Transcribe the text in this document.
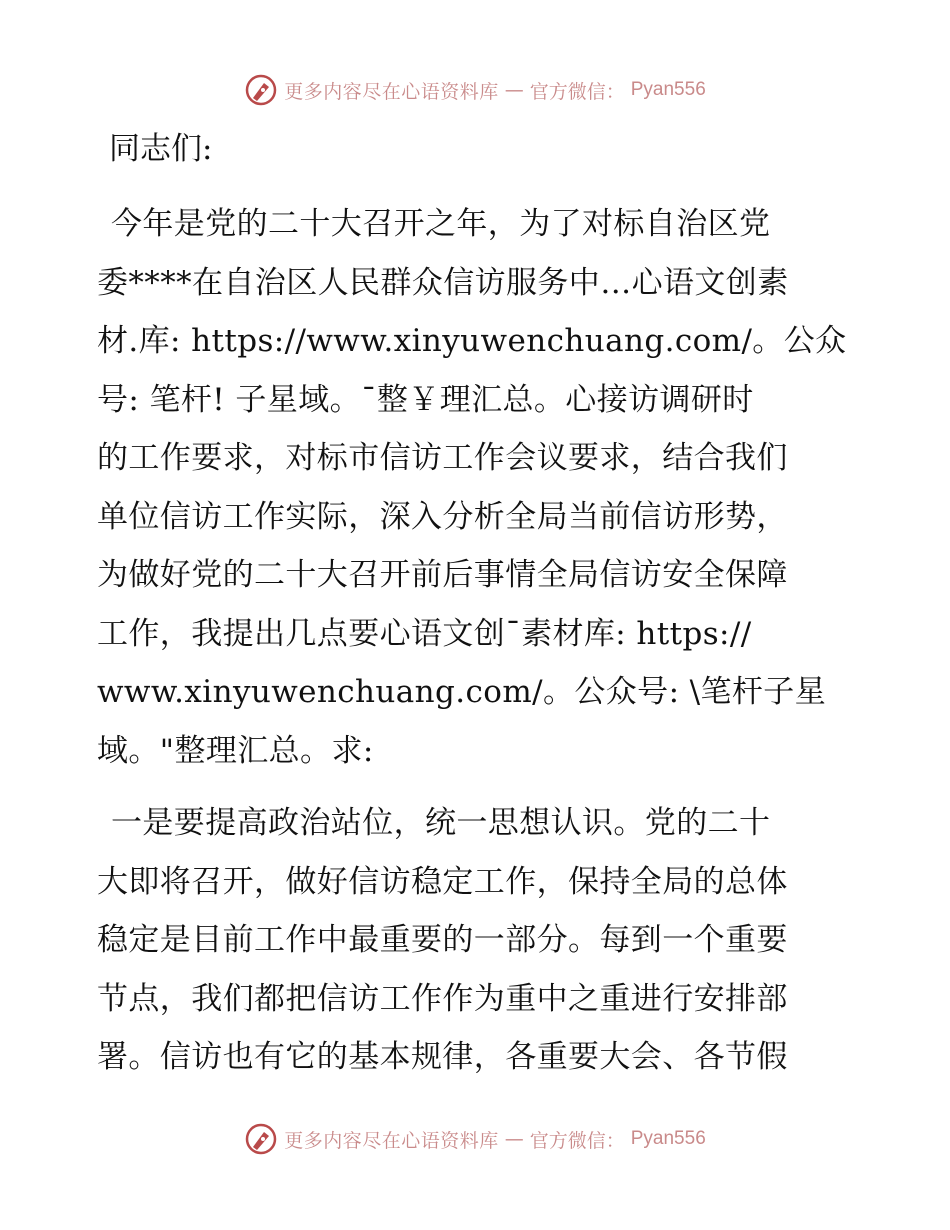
更多内容尽在心语资料库 — 官方微信： Pyan556
同志们:
今年是党的二十大召开之年，为了对标自治区党
委****在自治区人民群众信访服务中…心语文创素
材.库: https://www.xinyuwenchuang.com/。公众
号: 笔杆! 子星域。¯整￥理汇总。心接访调研时
的工作要求，对标市信访工作会议要求，结合我们
单位信访工作实际，深入分析全局当前信访形势，
为做好党的二十大召开前后事情全局信访安全保障
工作，我提出几点要心语文创¯素材库: https://
www.xinyuwenchuang.com/。公众号: \笔杆子星
域。"整理汇总。求:
一是要提高政治站位，统一思想认识。党的二十
大即将召开，做好信访稳定工作，保持全局的总体
稳定是目前工作中最重要的一部分。每到一个重要
节点，我们都把信访工作作为重中之重进行安排部
署。信访也有它的基本规律，各重要大会、各节假
更多内容尽在心语资料库 — 官方微信： Pyan556
